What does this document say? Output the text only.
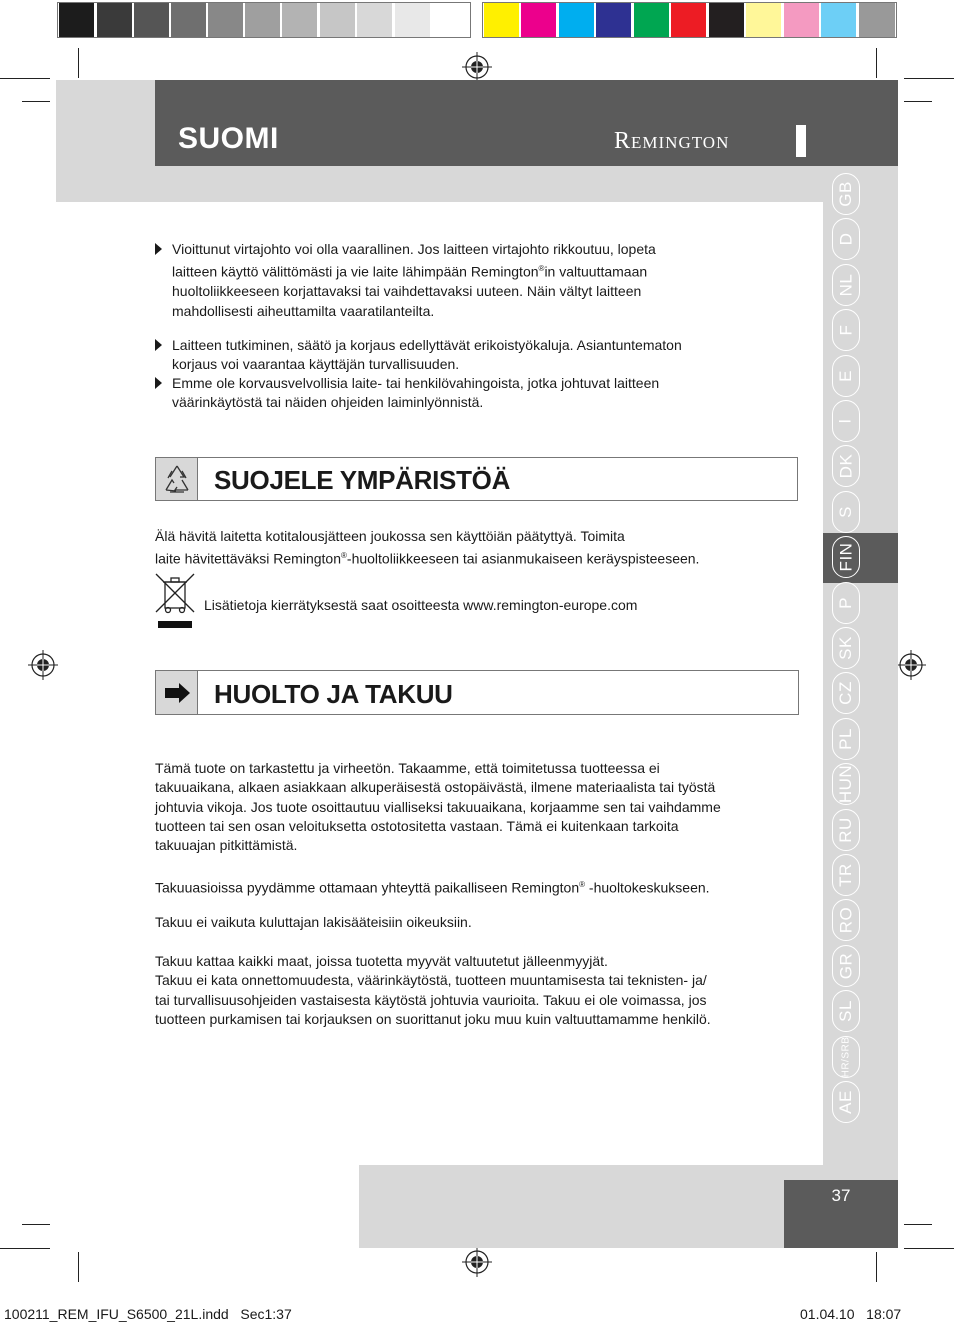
SUOMI	Remington
GB
D
NL
F
E
I
DK
S
FIN
P
SK
CZ
PL
HUN
RU
TR
RO
GR
SL
HR/SRB
AE
Vioittunut virtajohto voi olla vaarallinen. Jos laitteen virtajohto rikkoutuu, lopeta
laitteen käyttö välittömästi ja vie laite lähimpään Remington®in valtuuttamaan
huoltoliikkeeseen korjattavaksi tai vaihdettavaksi uuteen. Näin vältyt laitteen
mahdollisesti aiheuttamilta vaaratilanteilta.
Laitteen tutkiminen, säätö ja korjaus edellyttävät erikoistyökaluja. Asiantuntematon
korjaus voi vaarantaa käyttäjän turvallisuuden.
Emme ole korvausvelvollisia laite- tai henkilövahingoista, jotka johtuvat laitteen
väärinkäytöstä tai näiden ohjeiden laiminlyönnistä.
SUOJELE YMPÄRISTÖÄ
Älä hävitä laitetta kotitalousjätteen joukossa sen käyttöiän päätyttyä. Toimita
laite hävitettäväksi Remington®-huoltoliikkeeseen tai asianmukaiseen keräyspisteeseen.
Lisätietoja kierrätyksestä saat osoitteesta www.remington-europe.com
HUOLTO JA TAKUU
Tämä tuote on tarkastettu ja virheetön. Takaamme, että toimitetussa tuotteessa ei
takuuaikana, alkaen asiakkaan alkuperäisestä ostopäivästä, ilmene materiaalista tai työstä
johtuvia vikoja. Jos tuote osoittautuu vialliseksi takuuaikana, korjaamme sen tai vaihdamme
tuotteen tai sen osan veloituksetta ostotositetta vastaan. Tämä ei kuitenkaan tarkoita
takuuajan pitkittämistä.
Takuuasioissa pyydämme ottamaan yhteyttä paikalliseen Remington® -huoltokeskukseen.
Takuu ei vaikuta kuluttajan lakisääteisiin oikeuksiin.
Takuu kattaa kaikki maat, joissa tuotetta myyvät valtuutetut jälleenmyyjät.
Takuu ei kata onnettomuudesta, väärinkäytöstä, tuotteen muuntamisesta tai teknisten- ja/
tai turvallisuusohjeiden vastaisesta käytöstä johtuvia vaurioita. Takuu ei ole voimassa, jos
tuotteen purkamisen tai korjauksen on suorittanut joku muu kuin valtuuttamamme henkilö.
37
100211_REM_IFU_S6500_21L.indd   Sec1:37	01.04.10   18:07
